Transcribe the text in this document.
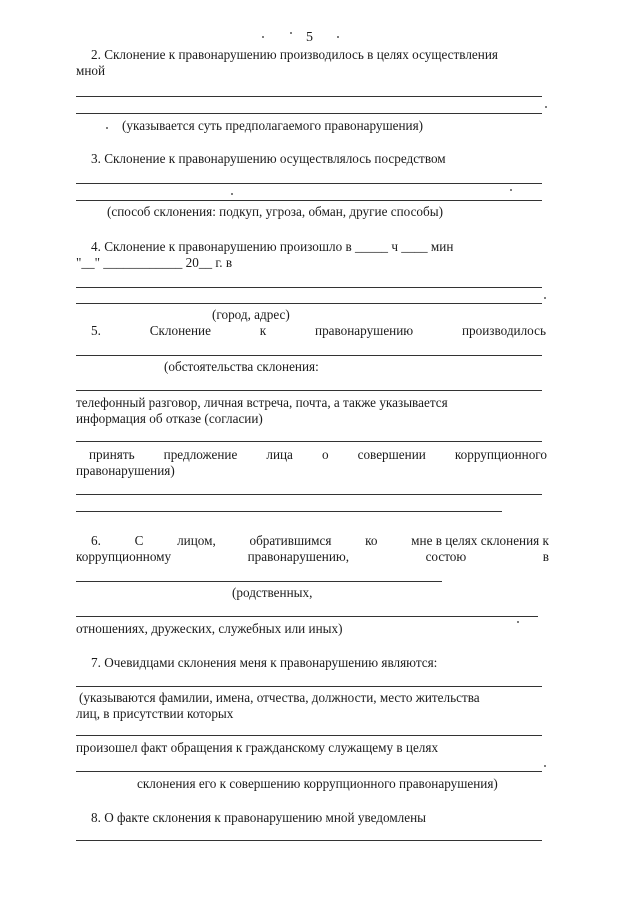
5
2. Склонение к правонарушению производилось в целях осуществления
мной
(указывается суть предполагаемого правонарушения)
3. Склонение к правонарушению осуществлялось посредством
(способ склонения: подкуп, угроза, обман, другие способы)
4. Склонение к правонарушению произошло в _____ ч ____ мин
"__" ____________ 20__ г. в
(город, адрес)
5.	Склонение	к	правонарушению	производилось
(обстоятельства склонения:
телефонный разговор, личная встреча, почта, а также указывается
информация об отказе (согласии)
принять предложение лица о совершении коррупционного
правонарушения)
6.	С	лицом,	обратившимся	ко	мне в целях склонения к
коррупционному	правонарушению,	состою	в
(родственных,
отношениях, дружеских, служебных или иных)
7. Очевидцами склонения меня к правонарушению являются:
(указываются фамилии, имена, отчества, должности, место жительства
лиц, в присутствии которых
произошел факт обращения к гражданскому служащему в целях
склонения его к совершению коррупционного правонарушения)
8. О факте склонения к правонарушению мной уведомлены
